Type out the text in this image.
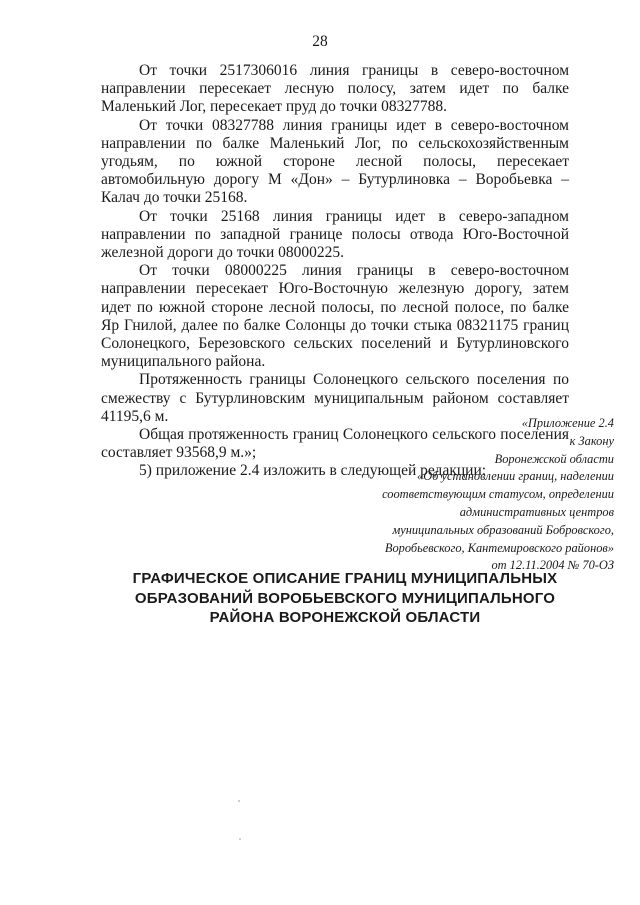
28

От точки 2517306016 линия границы в северо-восточном направлении пересекает лесную полосу, затем идет по балке Маленький Лог, пересекает пруд до точки 08327788.

От точки 08327788 линия границы идет в северо-восточном направлении по балке Маленький Лог, по сельскохозяйственным угодьям, по южной стороне лесной полосы, пересекает автомобильную дорогу М «Дон» – Бутурлиновка – Воробьевка – Калач до точки 25168.

От точки 25168 линия границы идет в северо-западном направлении по западной границе полосы отвода Юго-Восточной железной дороги до точки 08000225.

От точки 08000225 линия границы в северо-восточном направлении пересекает Юго-Восточную железную дорогу, затем идет по южной стороне лесной полосы, по лесной полосе, по балке Яр Гнилой, далее по балке Солонцы до точки стыка 08321175 границ Солонецкого, Березовского сельских поселений и Бутурлиновского муниципального района.

Протяженность границы Солонецкого сельского поселения по смежеству с Бутурлиновским муниципальным районом составляет 41195,6 м.

Общая протяженность границ Солонецкого сельского поселения составляет 93568,9 м.»;

5) приложение 2.4 изложить в следующей редакции:

«Приложение 2.4
к Закону
Воронежской области
«Об установлении границ, наделении
соответствующим статусом, определении
административных центров
муниципальных образований Бобровского,
Воробьевского, Кантемировского районов»
от 12.11.2004 № 70-ОЗ
ГРАФИЧЕСКОЕ ОПИСАНИЕ ГРАНИЦ МУНИЦИПАЛЬНЫХ
ОБРАЗОВАНИЙ ВОРОБЬЕВСКОГО МУНИЦИПАЛЬНОГО
РАЙОНА ВОРОНЕЖСКОЙ ОБЛАСТИ
